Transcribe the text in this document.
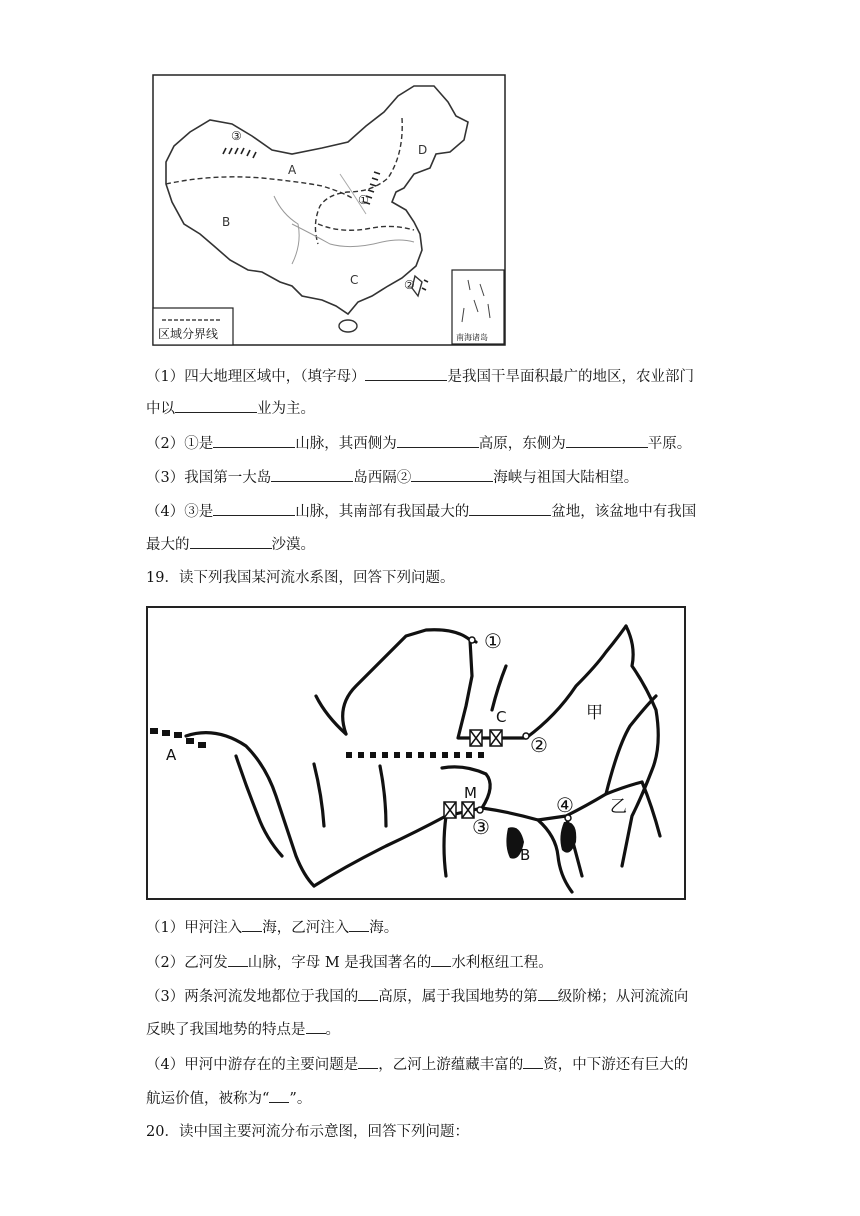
A
B
C
D
①
②
③
区域分界线	南海诸岛
（1）四大地理区域中，（填字母）	是我国干旱面积最广的地区，农业部门
中以	业为主。
（2）①是	山脉，其西侧为	高原，东侧为	平原。
（3）我国第一大岛	岛西隔②	海峡与祖国大陆相望。
（4）③是	山脉，其南部有我国最大的	盆地，该盆地中有我国
最大的	沙漠。
19．读下列我国某河流水系图，回答下列问题。
①
②
③
④
A
B
C
M
甲
乙
（1）甲河注入 海，乙河注入 海。
（2）乙河发 山脉，字母 M 是我国著名的 水利枢纽工程。
（3）两条河流发地都位于我国的 高原，属于我国地势的第 级阶梯；从河流流向
反映了我国地势的特点是 。
（4）甲河中游存在的主要问题是 ，乙河上游蕴藏丰富的 资，中下游还有巨大的
航运价值，被称为“ ”。
20．读中国主要河流分布示意图，回答下列问题：
